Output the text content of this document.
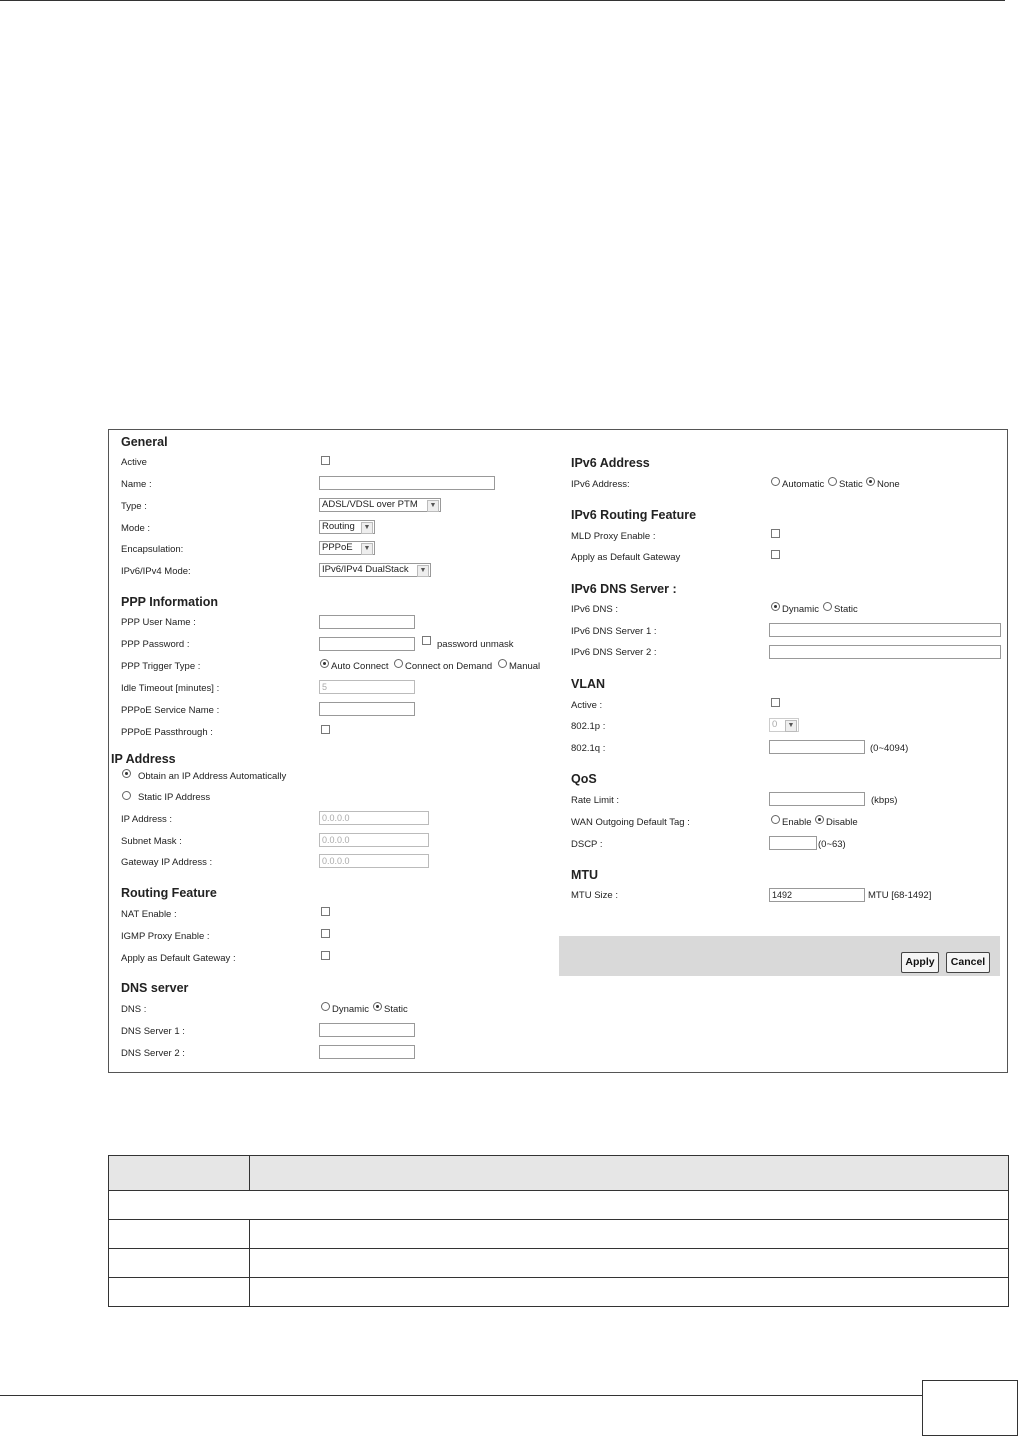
General
Active
Name :
Type :	ADSL/VDSL over PTM	▼
Mode :	Routing	▼
Encapsulation:	PPPoE	▼
IPv6/IPv4 Mode:	IPv6/IPv4 DualStack	▼
PPP Information
PPP User Name :
PPP Password :	password unmask
PPP Trigger Type :	Auto Connect Connect on Demand Manual
Idle Timeout [minutes] :	5
PPPoE Service Name :
PPPoE Passthrough :
IP Address
Obtain an IP Address Automatically
Static IP Address
IP Address :	0.0.0.0
Subnet Mask :	0.0.0.0
Gateway IP Address :	0.0.0.0
Routing Feature
NAT Enable :
IGMP Proxy Enable :
Apply as Default Gateway :
DNS server
DNS :	Dynamic Static
DNS Server 1 :
DNS Server 2 :
IPv6 Address
IPv6 Address:	Automatic Static None
IPv6 Routing Feature
MLD Proxy Enable :
Apply as Default Gateway
IPv6 DNS Server :
IPv6 DNS :	Dynamic Static
IPv6 DNS Server 1 :
IPv6 DNS Server 2 :
VLAN
Active :
802.1p :	0	▼
802.1q :	(0~4094)
QoS
Rate Limit :	(kbps)
WAN Outgoing Default Tag :	Enable Disable
DSCP :	(0~63)
MTU
MTU Size :	1492	MTU [68-1492]
Apply	Cancel
